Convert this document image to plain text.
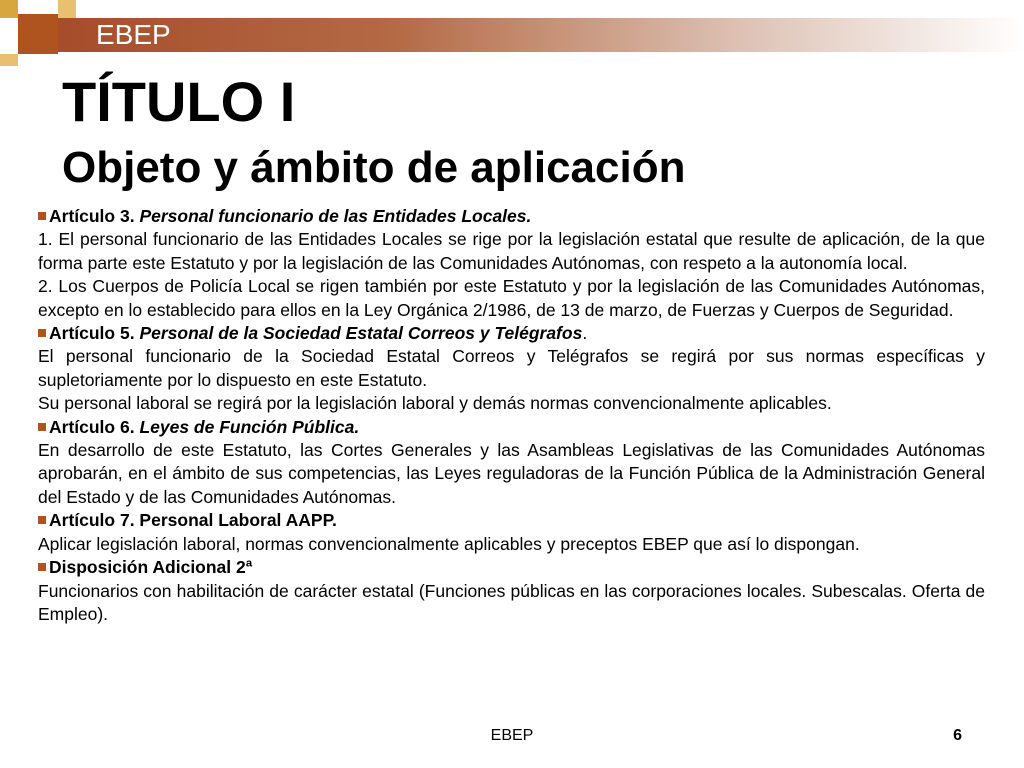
EBEP
TÍTULO I
Objeto y ámbito de aplicación

Artículo 3. Personal funcionario de las Entidades Locales.

1. El personal funcionario de las Entidades Locales se rige por la legislación estatal que resulte de aplicación, de la que forma parte este Estatuto y por la legislación de las Comunidades Autónomas, con respeto a la autonomía local.

2. Los Cuerpos de Policía Local se rigen también por este Estatuto y por la legislación de las Comunidades Autónomas, excepto en lo establecido para ellos en la Ley Orgánica 2/1986, de 13 de marzo, de Fuerzas y Cuerpos de Seguridad.

Artículo 5. Personal de la Sociedad Estatal Correos y Telégrafos.

El personal funcionario de la Sociedad Estatal Correos y Telégrafos se regirá por sus normas específicas y supletoriamente por lo dispuesto en este Estatuto.

Su personal laboral se regirá por la legislación laboral y demás normas convencionalmente aplicables.

Artículo 6. Leyes de Función Pública.

En desarrollo de este Estatuto, las Cortes Generales y las Asambleas Legislativas de las Comunidades Autónomas aprobarán, en el ámbito de sus competencias, las Leyes reguladoras de la Función Pública de la Administración General del Estado y de las Comunidades Autónomas.

Artículo 7. Personal Laboral AAPP.

Aplicar legislación laboral, normas convencionalmente aplicables y preceptos EBEP que así lo dispongan.

Disposición Adicional 2ª

Funcionarios con habilitación de carácter estatal (Funciones públicas en las corporaciones locales. Subescalas. Oferta de Empleo).

EBEP	6
